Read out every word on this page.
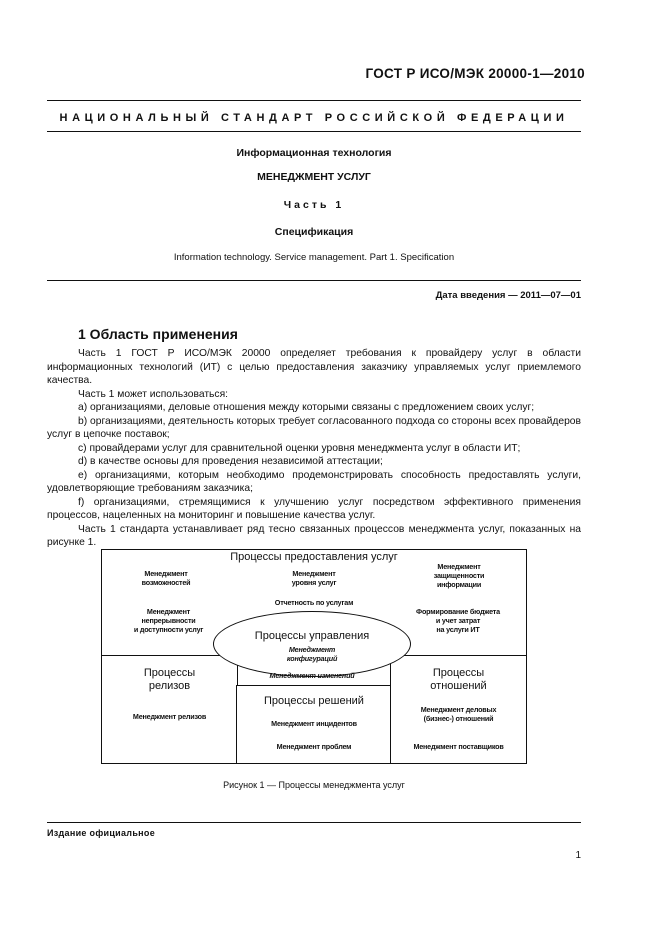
ГОСТ Р ИСО/МЭК 20000-1—2010
НАЦИОНАЛЬНЫЙ СТАНДАРТ РОССИЙСКОЙ ФЕДЕРАЦИИ
Информационная технология
МЕНЕДЖМЕНТ УСЛУГ
Часть 1
Спецификация
Information technology. Service management. Part 1. Specification
Дата введения — 2011—07—01
1 Область применения

Часть 1 ГОСТ Р ИСО/МЭК 20000 определяет требования к провайдеру услуг в области информационных технологий (ИТ) с целью предоставления заказчику управляемых услуг приемлемого качества.

Часть 1 может использоваться:

a) организациями, деловые отношения между которыми связаны с предложением своих услуг;

b) организациями, деятельность которых требует согласованного подхода со стороны всех провайдеров услуг в цепочке поставок;

c) провайдерами услуг для сравнительной оценки уровня менеджмента услуг в области ИТ;

d) в качестве основы для проведения независимой аттестации;

e) организациями, которым необходимо продемонстрировать способность предоставлять услуги, удовлетворяющие требованиям заказчика;

f) организациями, стремящимися к улучшению услуг посредством эффективного применения процессов, нацеленных на мониторинг и повышение качества услуг.

Часть 1 стандарта устанавливает ряд тесно связанных процессов менеджмента услуг, показанных на рисунке 1.

Процессы предоставления услуг
Менеджмент
возможностей
Менеджмент
уровня услуг
Менеджмент
защищенности
информации
Отчетность по услугам
Менеджмент
непрерывности
и доступности услуг
Формирование бюджета
и учет затрат
на услуги ИТ
Процессы управления
Менеджмент
конфигураций
Менеджмент изменений
Процессы
релизов
Менеджмент релизов
Процессы решений
Менеджмент инцидентов
Менеджмент проблем
Процессы
отношений
Менеджмент деловых
(бизнес-) отношений
Менеджмент поставщиков
Рисунок 1 — Процессы менеджмента услуг
Издание официальное
1
